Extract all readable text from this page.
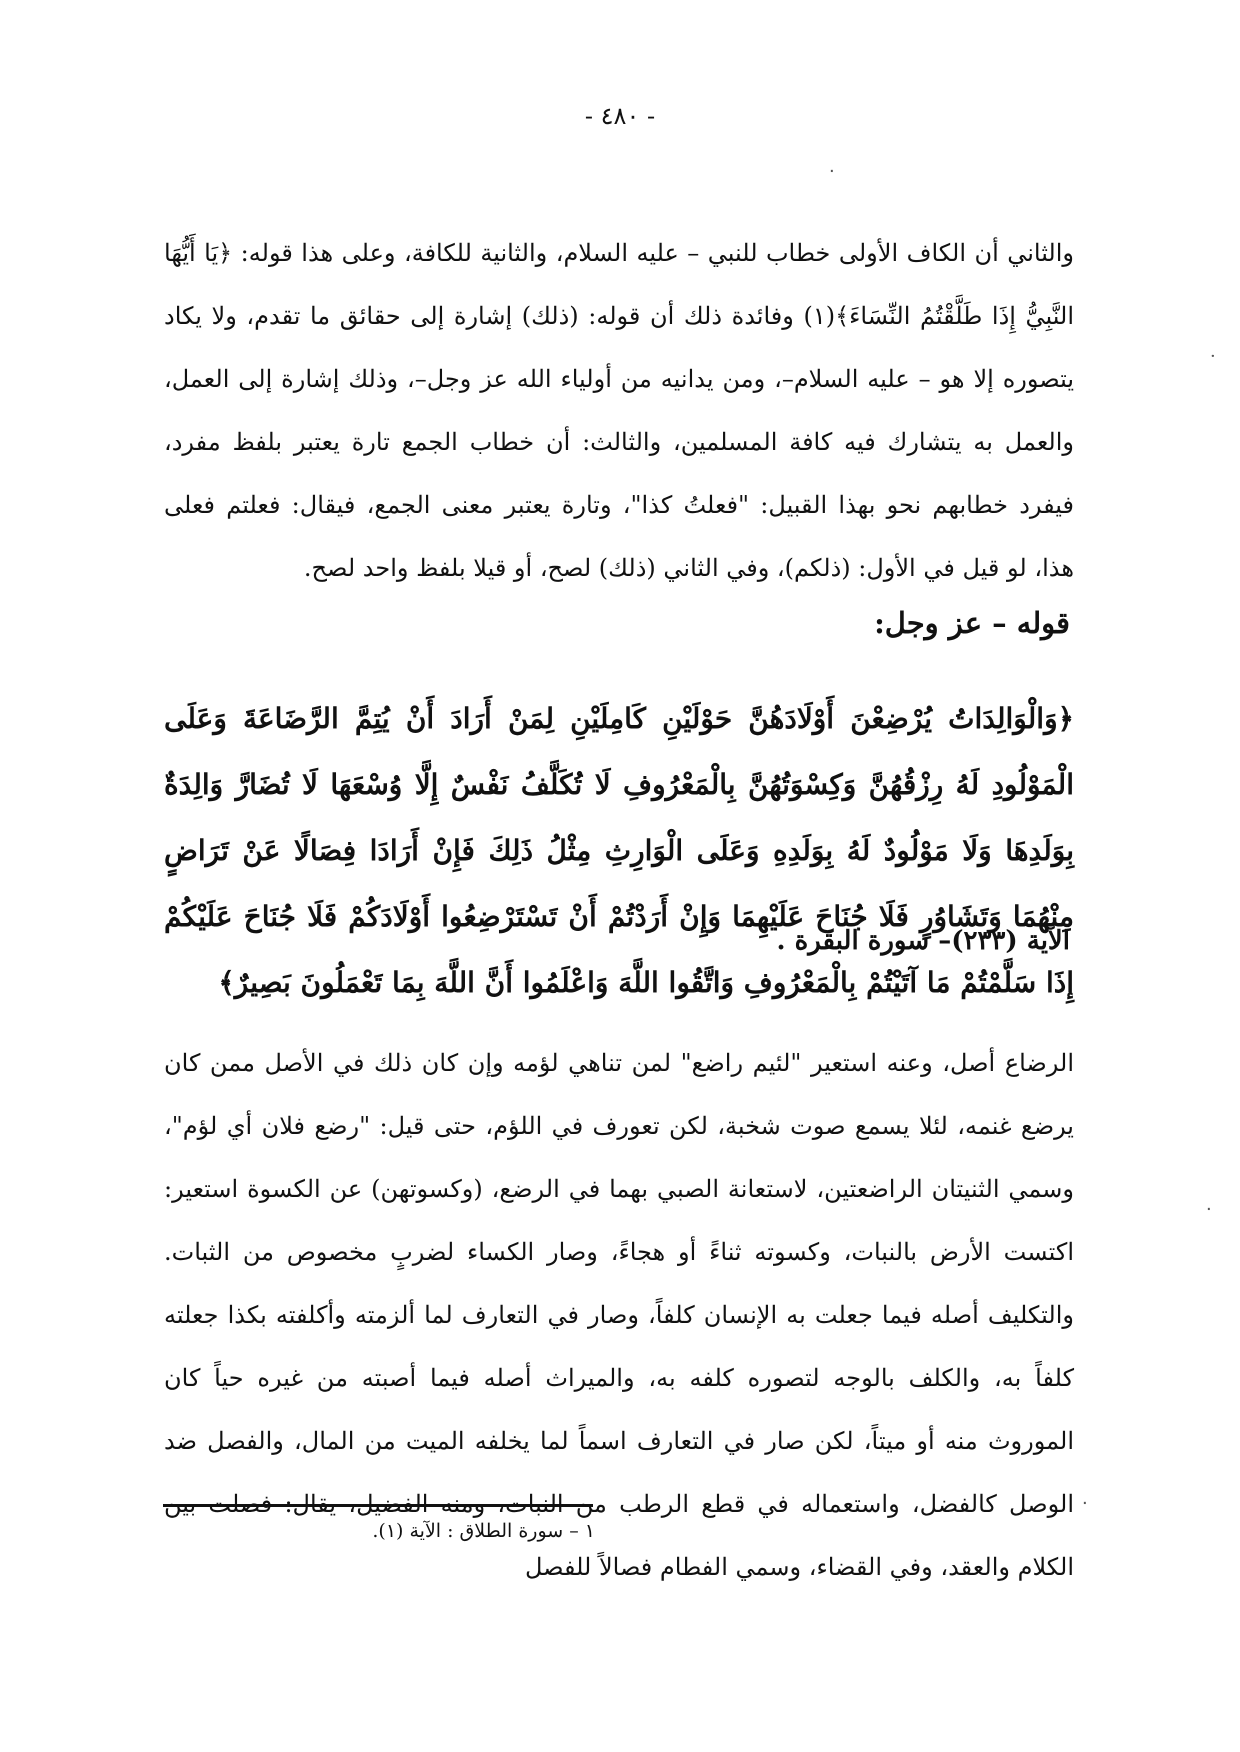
- ٤٨٠ -
٠
·
٠

والثاني أن الكاف الأولى خطاب للنبي – عليه السلام، والثانية للكافة، وعلى هذا قوله: ﴿يَا أَيُّهَا النَّبِيُّ إِذَا طَلَّقْتُمُ النِّسَاءَ﴾(١) وفائدة ذلك أن قوله: (ذلك) إشارة إلى حقائق ما تقدم، ولا يكاد يتصوره إلا هو – عليه السلام–، ومن يدانيه من أولياء الله عز وجل–، وذلك إشارة إلى العمل، والعمل به يتشارك فيه كافة المسلمين، والثالث: أن خطاب الجمع تارة يعتبر بلفظ مفرد، فيفرد خطابهم نحو بهذا القبيل: "فعلتُ كذا"، وتارة يعتبر معنى الجمع، فيقال: فعلتم فعلى هذا، لو قيل في الأول: (ذلكم)، وفي الثاني (ذلك) لصح، أو قيلا بلفظ واحد لصح.

قوله – عز وجل:

﴿وَالْوَالِدَاتُ يُرْضِعْنَ أَوْلَادَهُنَّ حَوْلَيْنِ كَامِلَيْنِ لِمَنْ أَرَادَ أَنْ يُتِمَّ الرَّضَاعَةَ وَعَلَى الْمَوْلُودِ لَهُ رِزْقُهُنَّ وَكِسْوَتُهُنَّ بِالْمَعْرُوفِ لَا تُكَلَّفُ نَفْسٌ إِلَّا وُسْعَهَا لَا تُضَارَّ وَالِدَةٌ بِوَلَدِهَا وَلَا مَوْلُودٌ لَهُ بِوَلَدِهِ وَعَلَى الْوَارِثِ مِثْلُ ذَلِكَ فَإِنْ أَرَادَا فِصَالًا عَنْ تَرَاضٍ مِنْهُمَا وَتَشَاوُرٍ فَلَا جُنَاحَ عَلَيْهِمَا وَإِنْ أَرَدْتُمْ أَنْ تَسْتَرْضِعُوا أَوْلَادَكُمْ فَلَا جُنَاحَ عَلَيْكُمْ إِذَا سَلَّمْتُمْ مَا آتَيْتُمْ بِالْمَعْرُوفِ وَاتَّقُوا اللَّهَ وَاعْلَمُوا أَنَّ اللَّهَ بِمَا تَعْمَلُونَ بَصِيرٌ﴾

الآية (٢٣٣)– سورة البقرة .

الرضاع أصل، وعنه استعير "لئيم راضع" لمن تناهي لؤمه وإن كان ذلك في الأصل ممن كان يرضع غنمه، لئلا يسمع صوت شخبة، لكن تعورف في اللؤم، حتى قيل: "رضع فلان أي لؤم"، وسمي الثنيتان الراضعتين، لاستعانة الصبي بهما في الرضع، (وكسوتهن) عن الكسوة استعير: اكتست الأرض بالنبات، وكسوته ثناءً أو هجاءً، وصار الكساء لضربٍ مخصوص من الثبات. والتكليف أصله فيما جعلت به الإنسان كلفاً، وصار في التعارف لما ألزمته وأكلفته بكذا جعلته كلفاً به، والكلف بالوجه لتصوره كلفه به، والميراث أصله فيما أصبته من غيره حياً كان الموروث منه أو ميتاً، لكن صار في التعارف اسماً لما يخلفه الميت من المال، والفصل ضد الوصل كالفضل، واستعماله في قطع الرطب من النبات، ومنه الفضيل، يقال: فصلت بين الكلام والعقد، وفي القضاء، وسمي الفطام فصالاً للفصل

٠
١ – سورة الطلاق : الآية (١).
